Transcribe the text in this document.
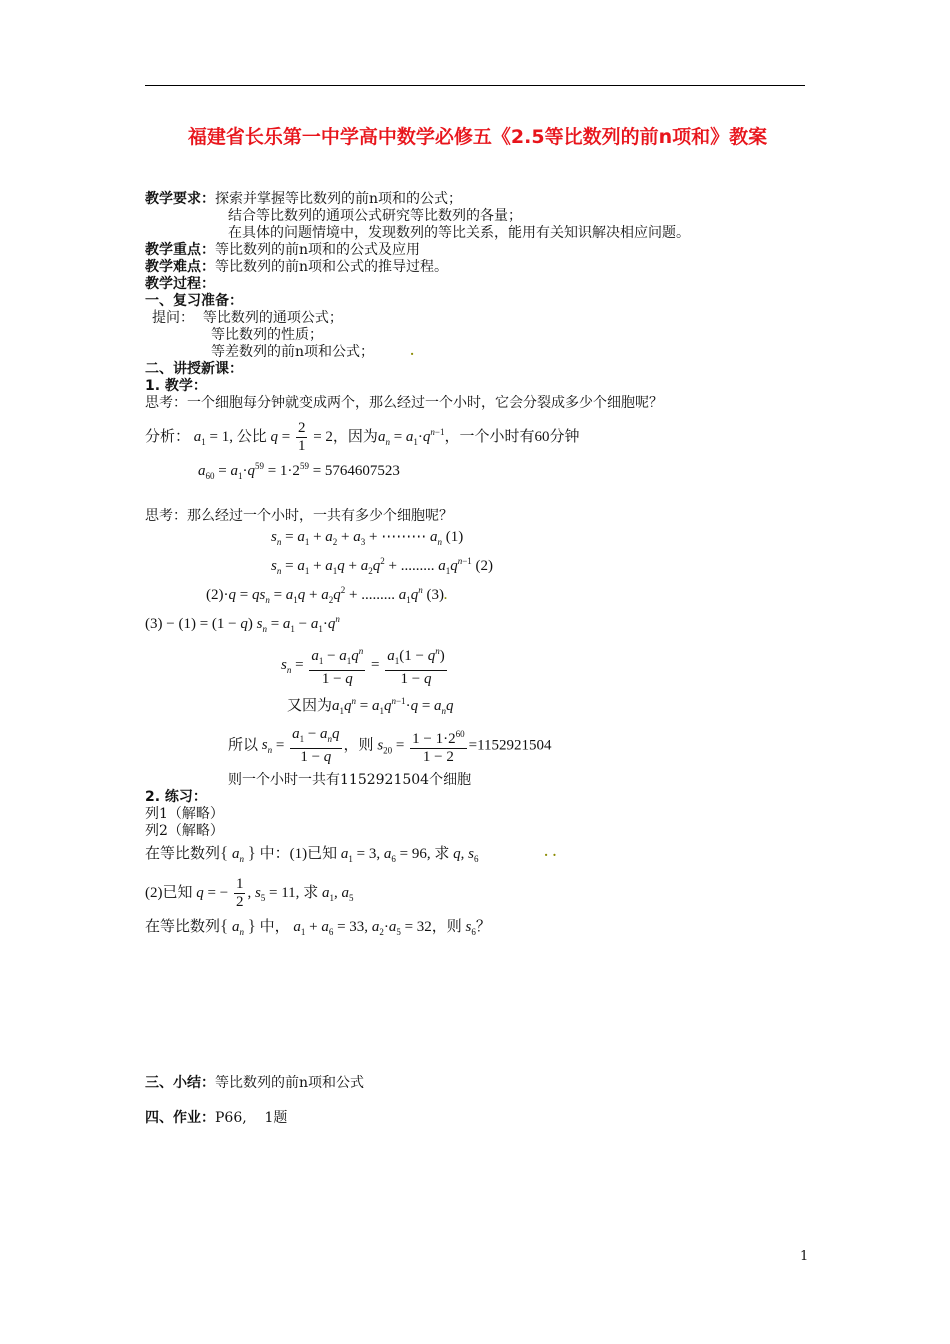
福建省长乐第一中学高中数学必修五《2.5等比数列的前n项和》教案
教学要求：探索并掌握等比数列的前n项和的公式；
结合等比数列的通项公式研究等比数列的各量；
在具体的问题情境中，发现数列的等比关系，能用有关知识解决相应问题。
教学重点：等比数列的前n项和的公式及应用
教学难点：等比数列的前n项和公式的推导过程。
教学过程：
一、复习准备：
提问： 等比数列的通项公式；
等比数列的性质；
等差数列的前n项和公式；	.
二、讲授新课：
1. 教学：
思考：一个细胞每分钟就变成两个，那么经过一个小时，它会分裂成多少个细胞呢？
分析： $a_1 = 1$, 公比 $q = \frac{2}{1} = 2$，因为$a_n = a_1\cdot q^{n-1}$，一个小时有60分钟
$a_{60} = a_1\cdot q^{59} = 1\cdot 2^{59} = 5764607523$
思考：那么经过一个小时，一共有多少个细胞呢？
$s_n = a_1 + a_2 + a_3$ + ⋯⋯⋯ $a_n$ (1)
$s_n = a_1 + a_1q + a_2q^2$ + ......... $a_1q^{n-1}$ (2)
$(2)\cdot q = qs_n = a_1q + a_2q^2$ + ......... $a_1q^n$ (3).
(3) − (1) = (1 − q) $s_n = a_1 - a_1\cdot q^n$
$s_n = \frac{a_1 - a_1q^n}{1 - q} = \frac{a_1(1 - q^n)}{1 - q}$
又因为$a_1q^n = a_1q^{n-1}\cdot q = a_nq$
所以 $s_n = \frac{a_1 - a_nq}{1 - q}$ ，则 $s_{20} = \frac{1 - 1\cdot 2^{60}}{1 - 2} =1152921504$
则一个小时一共有1152921504个细胞
2. 练习：
列1（解略）
列2（解略）
在等比数列{ $a_n$ } 中：(1)已知 $a_1 = 3$, $a_6 = 96$, 求 q, $s_6$	. .
(2)已知 q = − $\frac{1}{2}$ , $s_5 = 11$, 求 $a_1$, $a_5$
在等比数列{ $a_n$ } 中， $a_1 + a_6 = 33$, $a_2\cdot a_5 = 32$，则 $s_6$？
三、小结：等比数列的前n项和公式
四、作业：P66,    1题
1
